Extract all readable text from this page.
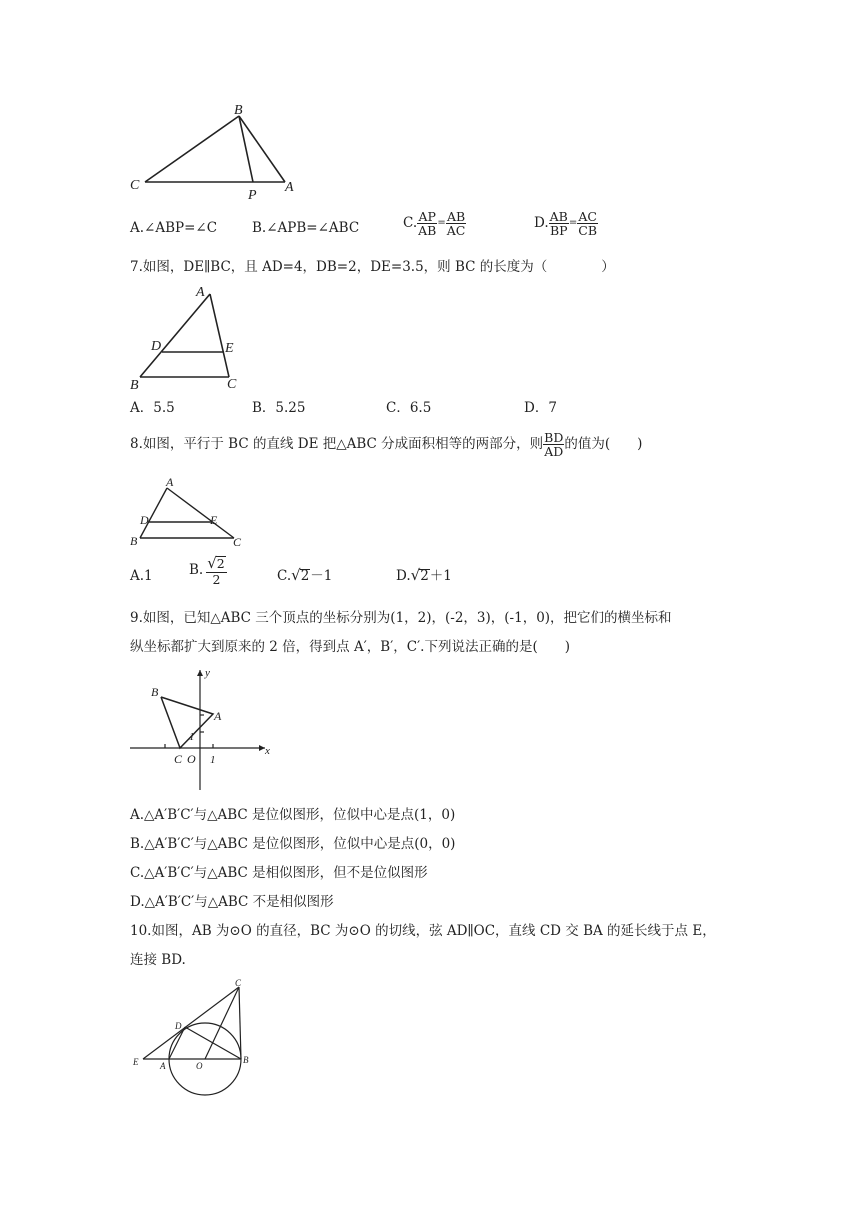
B
C
P
A
A.∠ABP=∠C	B.∠APB=∠ABC	C. $\frac{AP}{AB} = \frac{AB}{AC}$	D. $\frac{AB}{BP} = \frac{AC}{CB}$
7.如图，DE∥BC，且 AD=4，DB=2，DE=3.5，则 BC 的长度为（　　　　）
A
D	E
B	C
A．5.5	B．5.25	C．6.5	D．7
8.如图，平行于 BC 的直线 DE 把△ABC 分成面积相等的两部分，则 $\frac{BD}{AD}$ 的值为(　　)
A
D	E
B	C
A.1	B. $\frac{√2}{2}$	C.√2－1	D.√2＋1
9.如图，已知△ABC 三个顶点的坐标分别为(1，2)，(-2，3)，(-1，0)，把它们的横坐标和
纵坐标都扩大到原来的 2 倍，得到点 A′，B′，C′.下列说法正确的是(　　)
y
x
B
A
1
C O 1
A.△A′B′C′与△ABC 是位似图形，位似中心是点(1，0)
B.△A′B′C′与△ABC 是位似图形，位似中心是点(0，0)
C.△A′B′C′与△ABC 是相似图形，但不是位似图形
D.△A′B′C′与△ABC 不是相似图形
10.如图，AB 为⊙O 的直径，BC 为⊙O 的切线，弦 AD∥OC，直线 CD 交 BA 的延长线于点 E，
连接 BD.
C
D
E A	O
B
